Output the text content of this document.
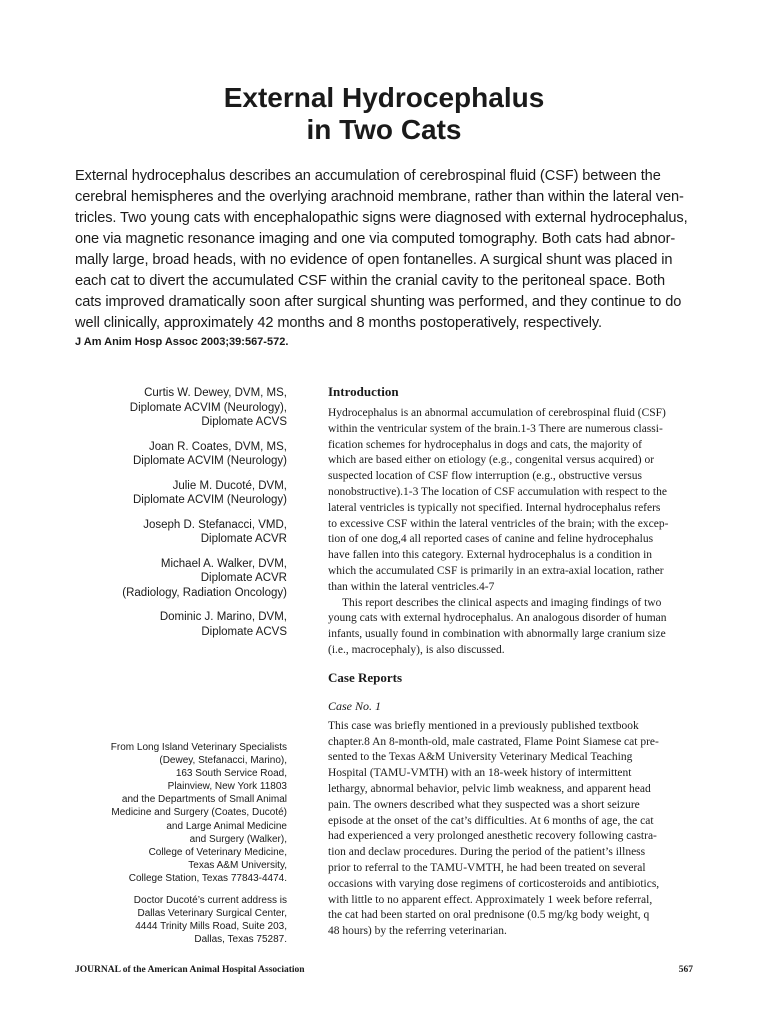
External Hydrocephalus
in Two Cats

External hydrocephalus describes an accumulation of cerebrospinal fluid (CSF) between the
cerebral hemispheres and the overlying arachnoid membrane, rather than within the lateral ven-
tricles. Two young cats with encephalopathic signs were diagnosed with external hydrocephalus,
one via magnetic resonance imaging and one via computed tomography. Both cats had abnor-
mally large, broad heads, with no evidence of open fontanelles. A surgical shunt was placed in
each cat to divert the accumulated CSF within the cranial cavity to the peritoneal space. Both
cats improved dramatically soon after surgical shunting was performed, and they continue to do
well clinically, approximately 42 months and 8 months postoperatively, respectively.

J Am Anim Hosp Assoc 2003;39:567-572.
Curtis W. Dewey, DVM, MS,
Diplomate ACVIM (Neurology),
Diplomate ACVS
Joan R. Coates, DVM, MS,
Diplomate ACVIM (Neurology)
Julie M. Ducoté, DVM,
Diplomate ACVIM (Neurology)
Joseph D. Stefanacci, VMD,
Diplomate ACVR
Michael A. Walker, DVM,
Diplomate ACVR
(Radiology, Radiation Oncology)
Dominic J. Marino, DVM,
Diplomate ACVS
From Long Island Veterinary Specialists
(Dewey, Stefanacci, Marino),
163 South Service Road,
Plainview, New York 11803
and the Departments of Small Animal
Medicine and Surgery (Coates, Ducoté)
and Large Animal Medicine
and Surgery (Walker),
College of Veterinary Medicine,
Texas A&M University,
College Station, Texas 77843-4474.
Doctor Ducoté’s current address is
Dallas Veterinary Surgical Center,
4444 Trinity Mills Road, Suite 203,
Dallas, Texas 75287.
Introduction
Hydrocephalus is an abnormal accumulation of cerebrospinal fluid (CSF)
within the ventricular system of the brain.1-3 There are numerous classi-
fication schemes for hydrocephalus in dogs and cats, the majority of
which are based either on etiology (e.g., congenital versus acquired) or
suspected location of CSF flow interruption (e.g., obstructive versus
nonobstructive).1-3 The location of CSF accumulation with respect to the
lateral ventricles is typically not specified. Internal hydrocephalus refers
to excessive CSF within the lateral ventricles of the brain; with the excep-
tion of one dog,4 all reported cases of canine and feline hydrocephalus
have fallen into this category. External hydrocephalus is a condition in
which the accumulated CSF is primarily in an extra-axial location, rather
than within the lateral ventricles.4-7
This report describes the clinical aspects and imaging findings of two
young cats with external hydrocephalus. An analogous disorder of human
infants, usually found in combination with abnormally large cranium size
(i.e., macrocephaly), is also discussed.
Case Reports
Case No. 1
This case was briefly mentioned in a previously published textbook
chapter.8 An 8-month-old, male castrated, Flame Point Siamese cat pre-
sented to the Texas A&M University Veterinary Medical Teaching
Hospital (TAMU-VMTH) with an 18-week history of intermittent
lethargy, abnormal behavior, pelvic limb weakness, and apparent head
pain. The owners described what they suspected was a short seizure
episode at the onset of the cat’s difficulties. At 6 months of age, the cat
had experienced a very prolonged anesthetic recovery following castra-
tion and declaw procedures. During the period of the patient’s illness
prior to referral to the TAMU-VMTH, he had been treated on several
occasions with varying dose regimens of corticosteroids and antibiotics,
with little to no apparent effect. Approximately 1 week before referral,
the cat had been started on oral prednisone (0.5 mg/kg body weight, q
48 hours) by the referring veterinarian.
JOURNAL of the American Animal Hospital Association	567
